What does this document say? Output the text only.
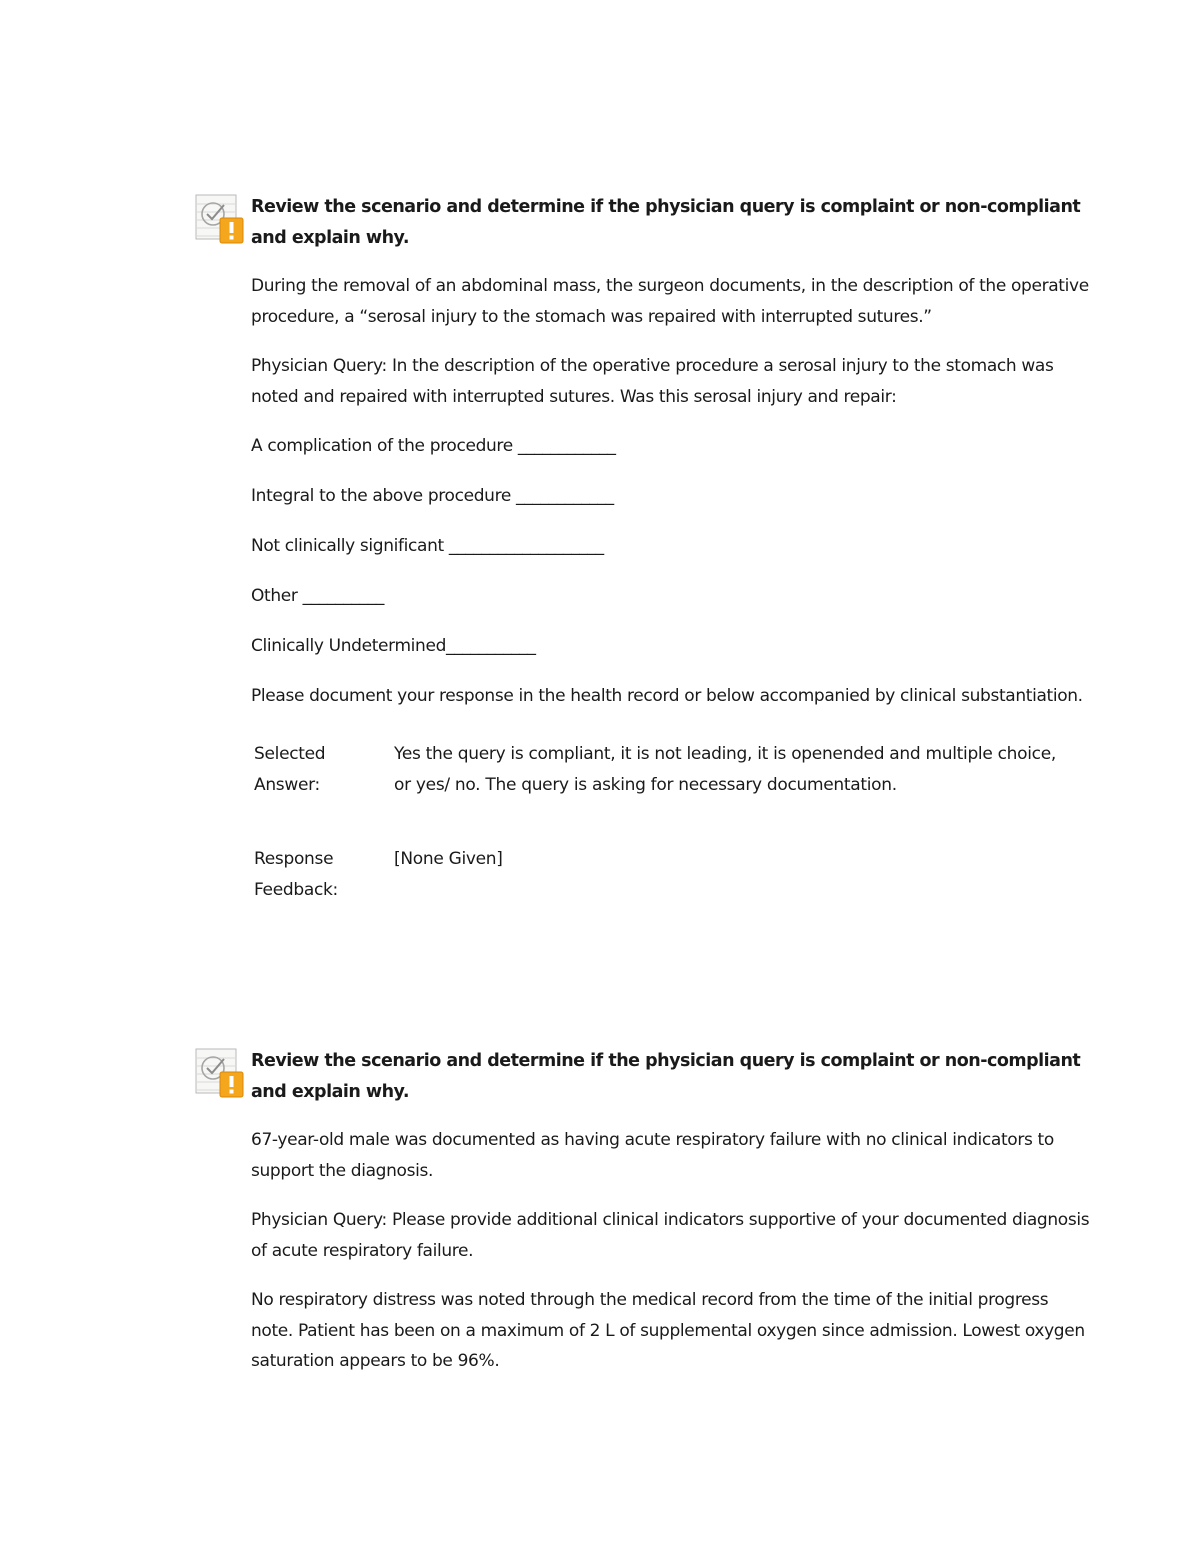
Review the scenario and determine if the physician query is complaint or non-compliant and explain why.
During the removal of an abdominal mass, the surgeon documents, in the description of the operative procedure, a “serosal injury to the stomach was repaired with interrupted sutures.”
Physician Query: In the description of the operative procedure a serosal injury to the stomach was noted and repaired with interrupted sutures. Was this serosal injury and repair:
A complication of the procedure ____________
Integral to the above procedure ____________
Not clinically significant ___________________
Other __________
Clinically Undetermined___________
Please document your response in the health record or below accompanied by clinical substantiation.
Selected Answer:
Yes the query is compliant, it is not leading, it is openended and multiple choice, or yes/ no. The query is asking for necessary documentation.
Response Feedback:
[None Given]
Review the scenario and determine if the physician query is complaint or non-compliant and explain why.
67-year-old male was documented as having acute respiratory failure with no clinical indicators to support the diagnosis.
Physician Query: Please provide additional clinical indicators supportive of your documented diagnosis of acute respiratory failure.
No respiratory distress was noted through the medical record from the time of the initial progress note. Patient has been on a maximum of 2 L of supplemental oxygen since admission. Lowest oxygen saturation appears to be 96%.
